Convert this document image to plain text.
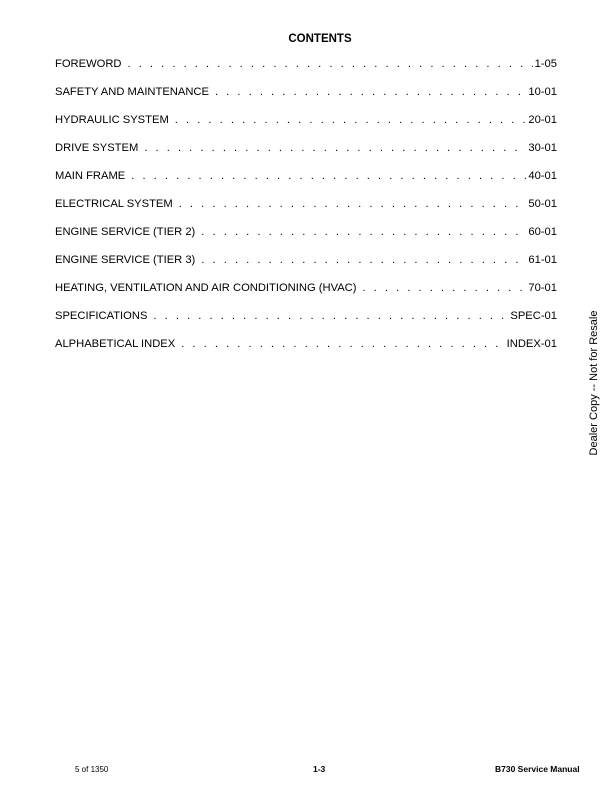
CONTENTS
FOREWORD . . .	1-05
SAFETY AND MAINTENANCE . . .	10-01
HYDRAULIC SYSTEM . . .	20-01
DRIVE SYSTEM . . .	30-01
MAIN FRAME . . .	40-01
ELECTRICAL SYSTEM . . .	50-01
ENGINE SERVICE (TIER 2) . . .	60-01
ENGINE SERVICE (TIER 3) . . .	61-01
HEATING, VENTILATION AND AIR CONDITIONING (HVAC) . . .	70-01
SPECIFICATIONS . . .	SPEC-01
ALPHABETICAL INDEX . . .	INDEX-01	Dealer Copy -- Not for Resale
5 of 1350	1-3	B730 Service Manual
